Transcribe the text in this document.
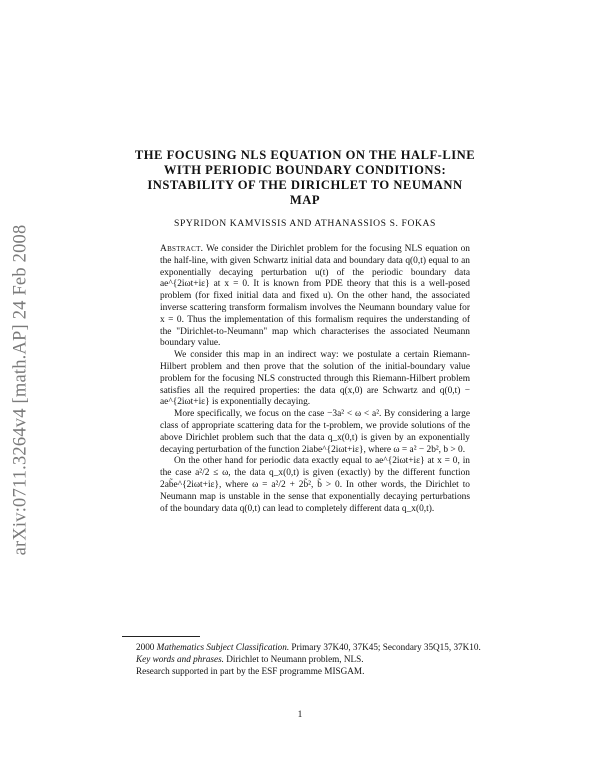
arXiv:0711.3264v4 [math.AP] 24 Feb 2008
THE FOCUSING NLS EQUATION ON THE HALF-LINE
WITH PERIODIC BOUNDARY CONDITIONS:
INSTABILITY OF THE DIRICHLET TO NEUMANN
MAP

SPYRIDON KAMVISSIS AND ATHANASSIOS S. FOKAS

Abstract. We consider the Dirichlet problem for the focusing NLS equation on the half-line, with given Schwartz initial data and boundary data q(0,t) equal to an exponentially decaying perturbation u(t) of the periodic boundary data ae^{2iωt+iε} at x = 0. It is known from PDE theory that this is a well-posed problem (for fixed initial data and fixed u). On the other hand, the associated inverse scattering transform formalism involves the Neumann boundary value for x = 0. Thus the implementation of this formalism requires the understanding of the "Dirichlet-to-Neumann" map which characterises the associated Neumann boundary value.

We consider this map in an indirect way: we postulate a certain Riemann-Hilbert problem and then prove that the solution of the initial-boundary value problem for the focusing NLS constructed through this Riemann-Hilbert problem satisfies all the required properties: the data q(x,0) are Schwartz and q(0,t) − ae^{2iωt+iε} is exponentially decaying.

More specifically, we focus on the case −3a² < ω < a². By considering a large class of appropriate scattering data for the t-problem, we provide solutions of the above Dirichlet problem such that the data q_x(0,t) is given by an exponentially decaying perturbation of the function 2iabe^{2iωt+iε}, where ω = a² − 2b², b > 0.

On the other hand for periodic data exactly equal to ae^{2iωt+iε} at x = 0, in the case a²/2 ≤ ω, the data q_x(0,t) is given (exactly) by the different function 2ab̃e^{2iωt+iε}, where ω = a²/2 + 2b̃², b̃ > 0. In other words, the Dirichlet to Neumann map is unstable in the sense that exponentially decaying perturbations of the boundary data q(0,t) can lead to completely different data q_x(0,t).

2000 Mathematics Subject Classification. Primary 37K40, 37K45; Secondary 35Q15, 37K10.

Key words and phrases. Dirichlet to Neumann problem, NLS.

Research supported in part by the ESF programme MISGAM.

1
